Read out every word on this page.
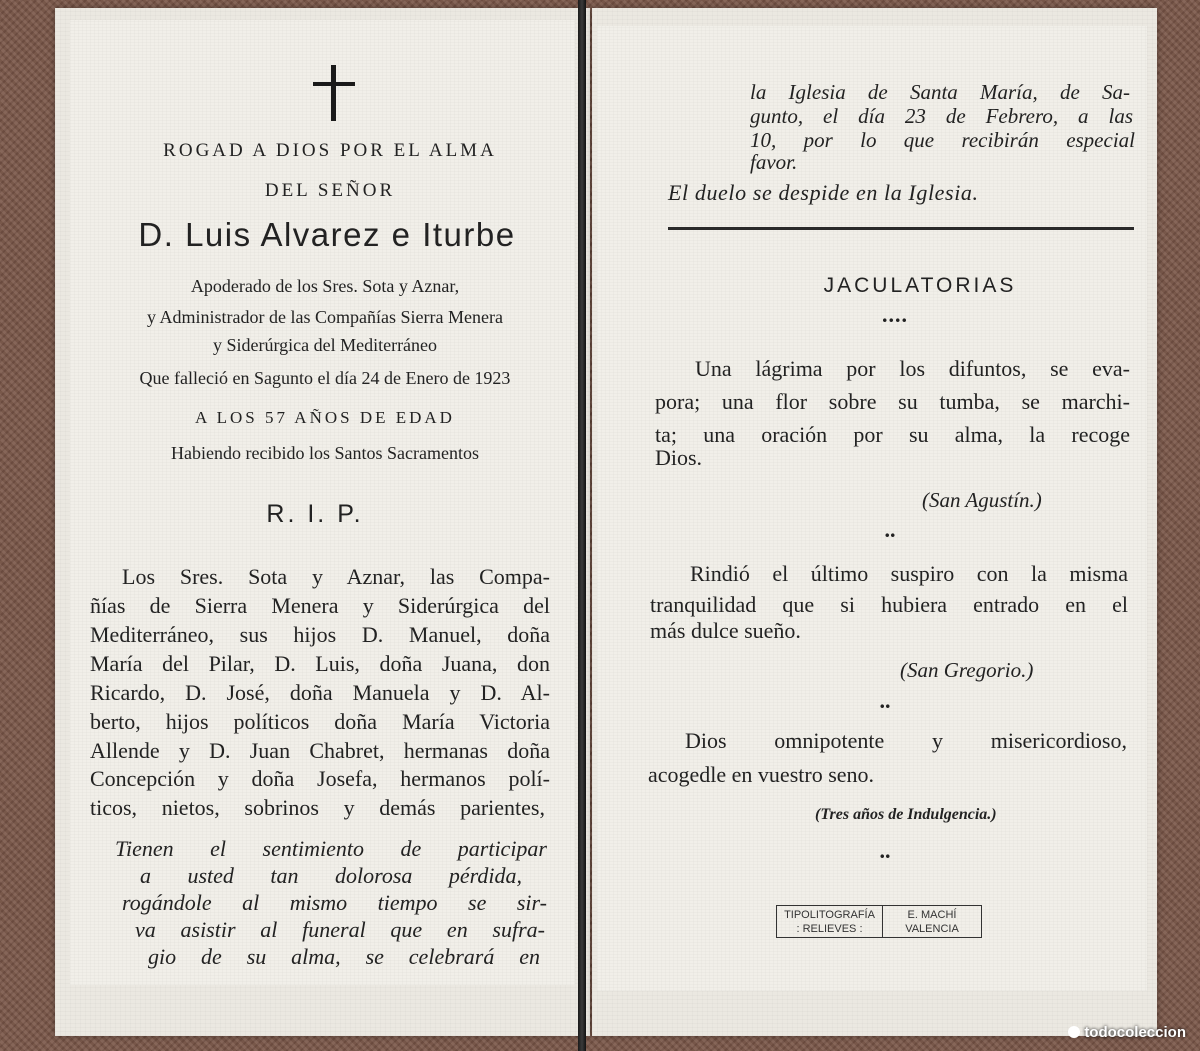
ROGAD A DIOS POR EL ALMA
DEL SEÑOR
D. Luis Alvarez e Iturbe
Apoderado de los Sres. Sota y Aznar,
y Administrador de las Compañías Sierra Menera
y Siderúrgica del Mediterráneo
Que falleció en Sagunto el día 24 de Enero de 1923
A LOS 57 AÑOS DE EDAD
Habiendo recibido los Santos Sacramentos
R. I. P.
Los Sres. Sota y Aznar, las Compa-
ñías de Sierra Menera y Siderúrgica del
Mediterráneo, sus hijos D. Manuel, doña
María del Pilar, D. Luis, doña Juana, don
Ricardo, D. José, doña Manuela y D. Al-
berto, hijos políticos doña María Victoria
Allende y D. Juan Chabret, hermanas doña
Concepción y doña Josefa, hermanos polí-
ticos, nietos, sobrinos y demás parientes,
Tienen el sentimiento de participar
a usted tan dolorosa pérdida,
rogándole al mismo tiempo se sir-
va asistir al funeral que en sufra-
gio de su alma, se celebrará en
la Iglesia de Santa María, de Sa-
gunto, el día 23 de Febrero, a las
10, por lo que recibirán especial
favor.
El duelo se despide en la Iglesia.
JACULATORIAS
....
Una lágrima por los difuntos, se eva-
pora; una flor sobre su tumba, se marchi-
ta; una oración por su alma, la recoge
Dios.
(San Agustín.)
..
Rindió el último suspiro con la misma
tranquilidad que si hubiera entrado en el
más dulce sueño.
(San Gregorio.)
..
Dios omnipotente y misericordioso,
acogedle en vuestro seno.
(Tres años de Indulgencia.)
..
TIPOLITOGRAFÍA
: RELIEVES :
E. MACHÍ
VALENCIA
todocoleccion
